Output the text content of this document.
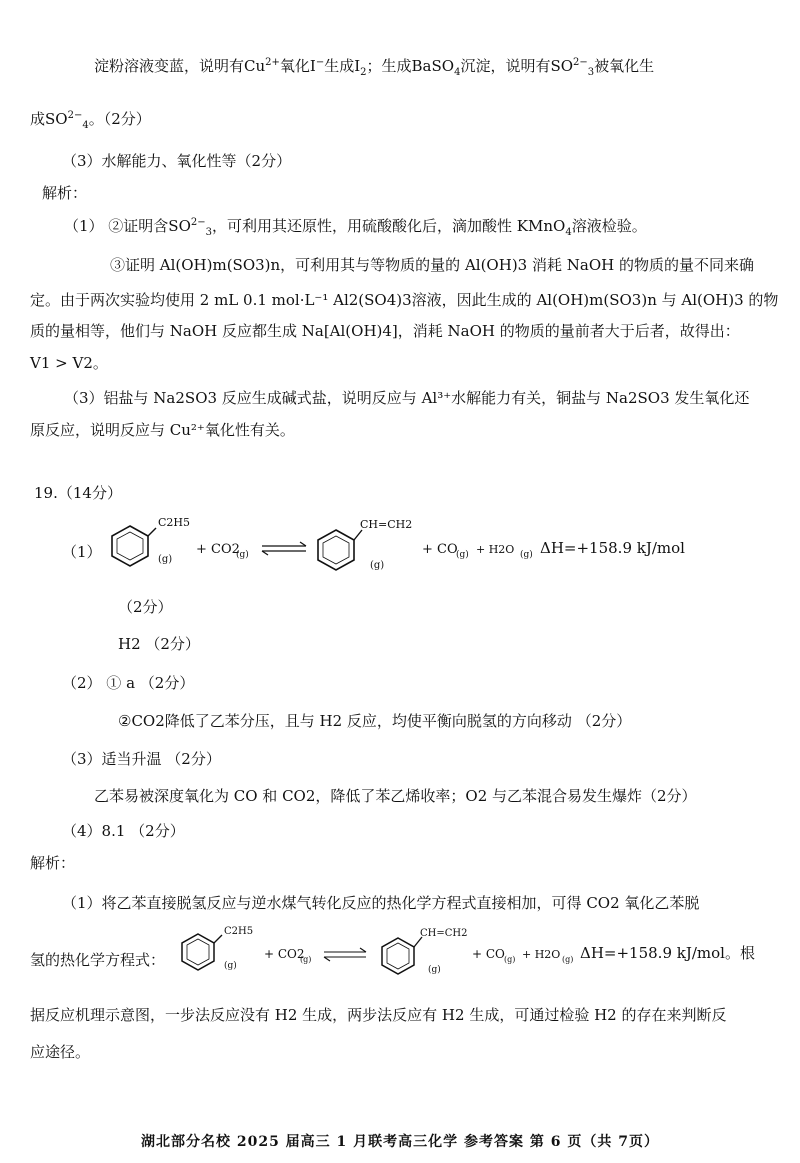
淀粉溶液变蓝，说明有$Cu^{2+}$氧化I−生成$I_2$；生成BaSO$_4$沉淀，说明有$SO^{2-}_3$被氧化生
成$SO^{2-}_4$。（2分）
（3）水解能力、氧化性等（2分）
解析：
（1） ②证明含$SO^{2-}_3$，可利用其还原性，用硫酸酸化后，滴加酸性 KMnO$_4$溶液检验。
③证明 Al(OH)m(SO3)n，可利用其与等物质的量的 Al(OH)3 消耗 NaOH 的物质的量不同来确
定。由于两次实验均使用 2 mL 0.1 mol·L⁻¹ Al2(SO4)3溶液，因此生成的 Al(OH)m(SO3)n 与 Al(OH)3 的物
质的量相等，他们与 NaOH 反应都生成 Na[Al(OH)4]，消耗 NaOH 的物质的量前者大于后者，故得出：
V1 > V2。
（3）铝盐与 Na2SO3 反应生成碱式盐，说明反应与 Al³⁺水解能力有关，铜盐与 Na2SO3 发生氧化还
原反应，说明反应与 Cu²⁺氧化性有关。
19.（14分）
（1）
C2H5
(g)
+ CO2
(g)
CH=CH2
(g)
+ CO
(g) + H2O (g) ΔH=+158.9 kJ/mol
（2分）
H2 （2分）
（2） ① a （2分）
②CO2降低了乙苯分压，且与 H2 反应，均使平衡向脱氢的方向移动 （2分）
（3）适当升温 （2分）
乙苯易被深度氧化为 CO 和 CO2，降低了苯乙烯收率；O2 与乙苯混合易发生爆炸（2分）
（4）8.1 （2分）
解析：
（1）将乙苯直接脱氢反应与逆水煤气转化反应的热化学方程式直接相加，可得 CO2 氧化乙苯脱
氢的热化学方程式：
C2H5
(g)
+ CO2
(g)
CH=CH2
(g)
+ CO (g) + H2O (g) ΔH=+158.9 kJ/mol。根
据反应机理示意图，一步法反应没有 H2 生成，两步法反应有 H2 生成，可通过检验 H2 的存在来判断反
应途径。
湖北部分名校 2025 届高三 1 月联考高三化学 参考答案 第 6 页（共 7页）
